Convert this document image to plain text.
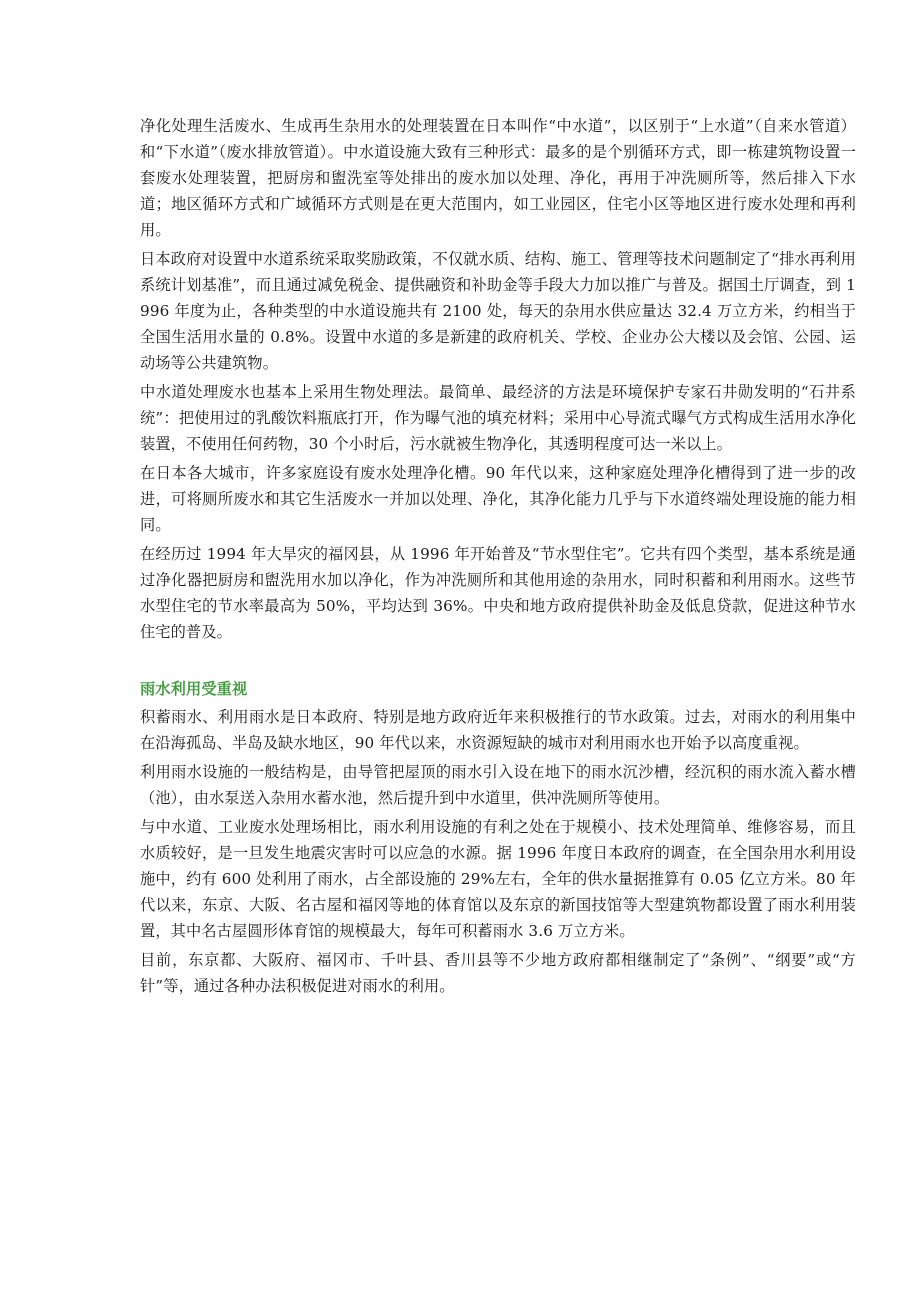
净化处理生活废水、生成再生杂用水的处理装置在日本叫作“中水道”，以区别于“上水道”（自来水管道）和“下水道”（废水排放管道）。中水道设施大致有三种形式：最多的是个别循环方式，即一栋建筑物设置一套废水处理装置，把厨房和盥洗室等处排出的废水加以处理、净化，再用于冲洗厕所等，然后排入下水道；地区循环方式和广域循环方式则是在更大范围内，如工业园区，住宅小区等地区进行废水处理和再利用。

日本政府对设置中水道系统采取奖励政策，不仅就水质、结构、施工、管理等技术问题制定了“排水再利用系统计划基准”，而且通过减免税金、提供融资和补助金等手段大力加以推广与普及。据国土厅调查，到 1996 年度为止，各种类型的中水道设施共有 2100 处，每天的杂用水供应量达 32.4 万立方米，约相当于全国生活用水量的 0.8%。设置中水道的多是新建的政府机关、学校、企业办公大楼以及会馆、公园、运动场等公共建筑物。

中水道处理废水也基本上采用生物处理法。最简单、最经济的方法是环境保护专家石井勋发明的“石井系统”：把使用过的乳酸饮料瓶底打开，作为曝气池的填充材料；采用中心导流式曝气方式构成生活用水净化装置，不使用任何药物，30 个小时后，污水就被生物净化，其透明程度可达一米以上。

在日本各大城市，许多家庭设有废水处理净化槽。90 年代以来，这种家庭处理净化槽得到了进一步的改进，可将厕所废水和其它生活废水一并加以处理、净化，其净化能力几乎与下水道终端处理设施的能力相同。

在经历过 1994 年大旱灾的福冈县，从 1996 年开始普及“节水型住宅”。它共有四个类型，基本系统是通过净化器把厨房和盥洗用水加以净化，作为冲洗厕所和其他用途的杂用水，同时积蓄和利用雨水。这些节水型住宅的节水率最高为 50%，平均达到 36%。中央和地方政府提供补助金及低息贷款，促进这种节水住宅的普及。

雨水利用受重视

积蓄雨水、利用雨水是日本政府、特别是地方政府近年来积极推行的节水政策。过去，对雨水的利用集中在沿海孤岛、半岛及缺水地区，90 年代以来，水资源短缺的城市对利用雨水也开始予以高度重视。

利用雨水设施的一般结构是，由导管把屋顶的雨水引入设在地下的雨水沉沙槽，经沉积的雨水流入蓄水槽（池），由水泵送入杂用水蓄水池，然后提升到中水道里，供冲洗厕所等使用。

与中水道、工业废水处理场相比，雨水利用设施的有利之处在于规模小、技术处理简单、维修容易，而且水质较好，是一旦发生地震灾害时可以应急的水源。据 1996 年度日本政府的调查，在全国杂用水利用设施中，约有 600 处利用了雨水，占全部设施的 29%左右，全年的供水量据推算有 0.05 亿立方米。80 年代以来，东京、大阪、名古屋和福冈等地的体育馆以及东京的新国技馆等大型建筑物都设置了雨水利用装置，其中名古屋圆形体育馆的规模最大，每年可积蓄雨水 3.6 万立方米。

目前，东京都、大阪府、福冈市、千叶县、香川县等不少地方政府都相继制定了“条例”、“纲要”或“方针”等，通过各种办法积极促进对雨水的利用。
